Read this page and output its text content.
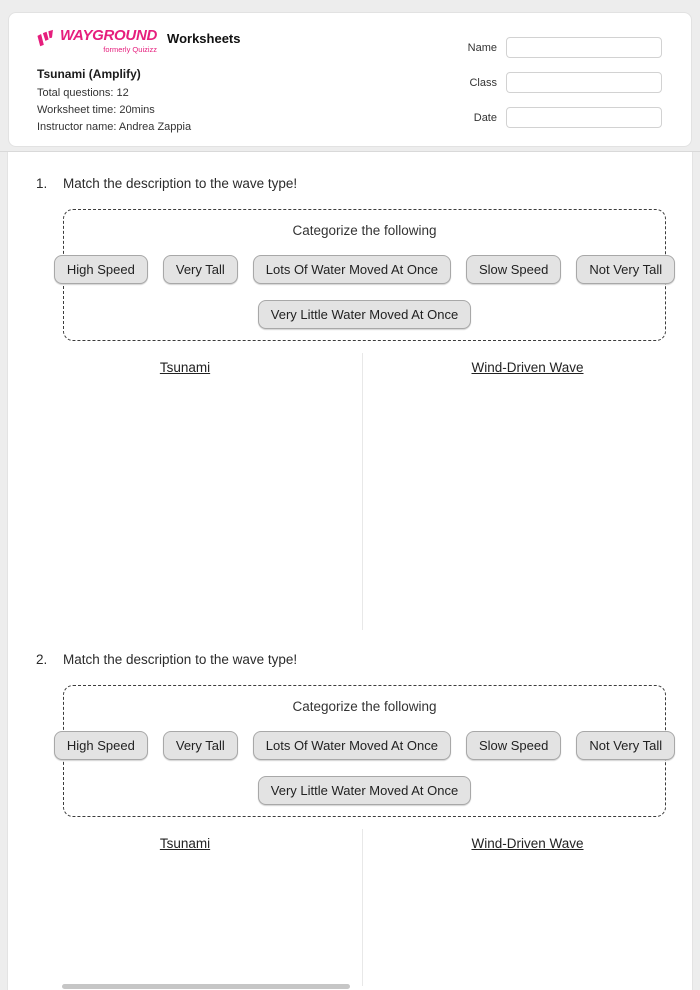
WAYGROUND
formerly Quizizz
Worksheets
Tsunami (Amplify)
Total questions: 12
Worksheet time: 20mins
Instructor name: Andrea Zappia
Name
Class
Date
1.	Match the description to the wave type!
Categorize the following
High Speed	Very Tall	Lots Of Water Moved At Once	Slow Speed	Not Very Tall
Very Little Water Moved At Once
Tsunami	Wind-Driven Wave
2.	Match the description to the wave type!
Categorize the following
High Speed	Very Tall	Lots Of Water Moved At Once	Slow Speed	Not Very Tall
Very Little Water Moved At Once
Tsunami	Wind-Driven Wave
